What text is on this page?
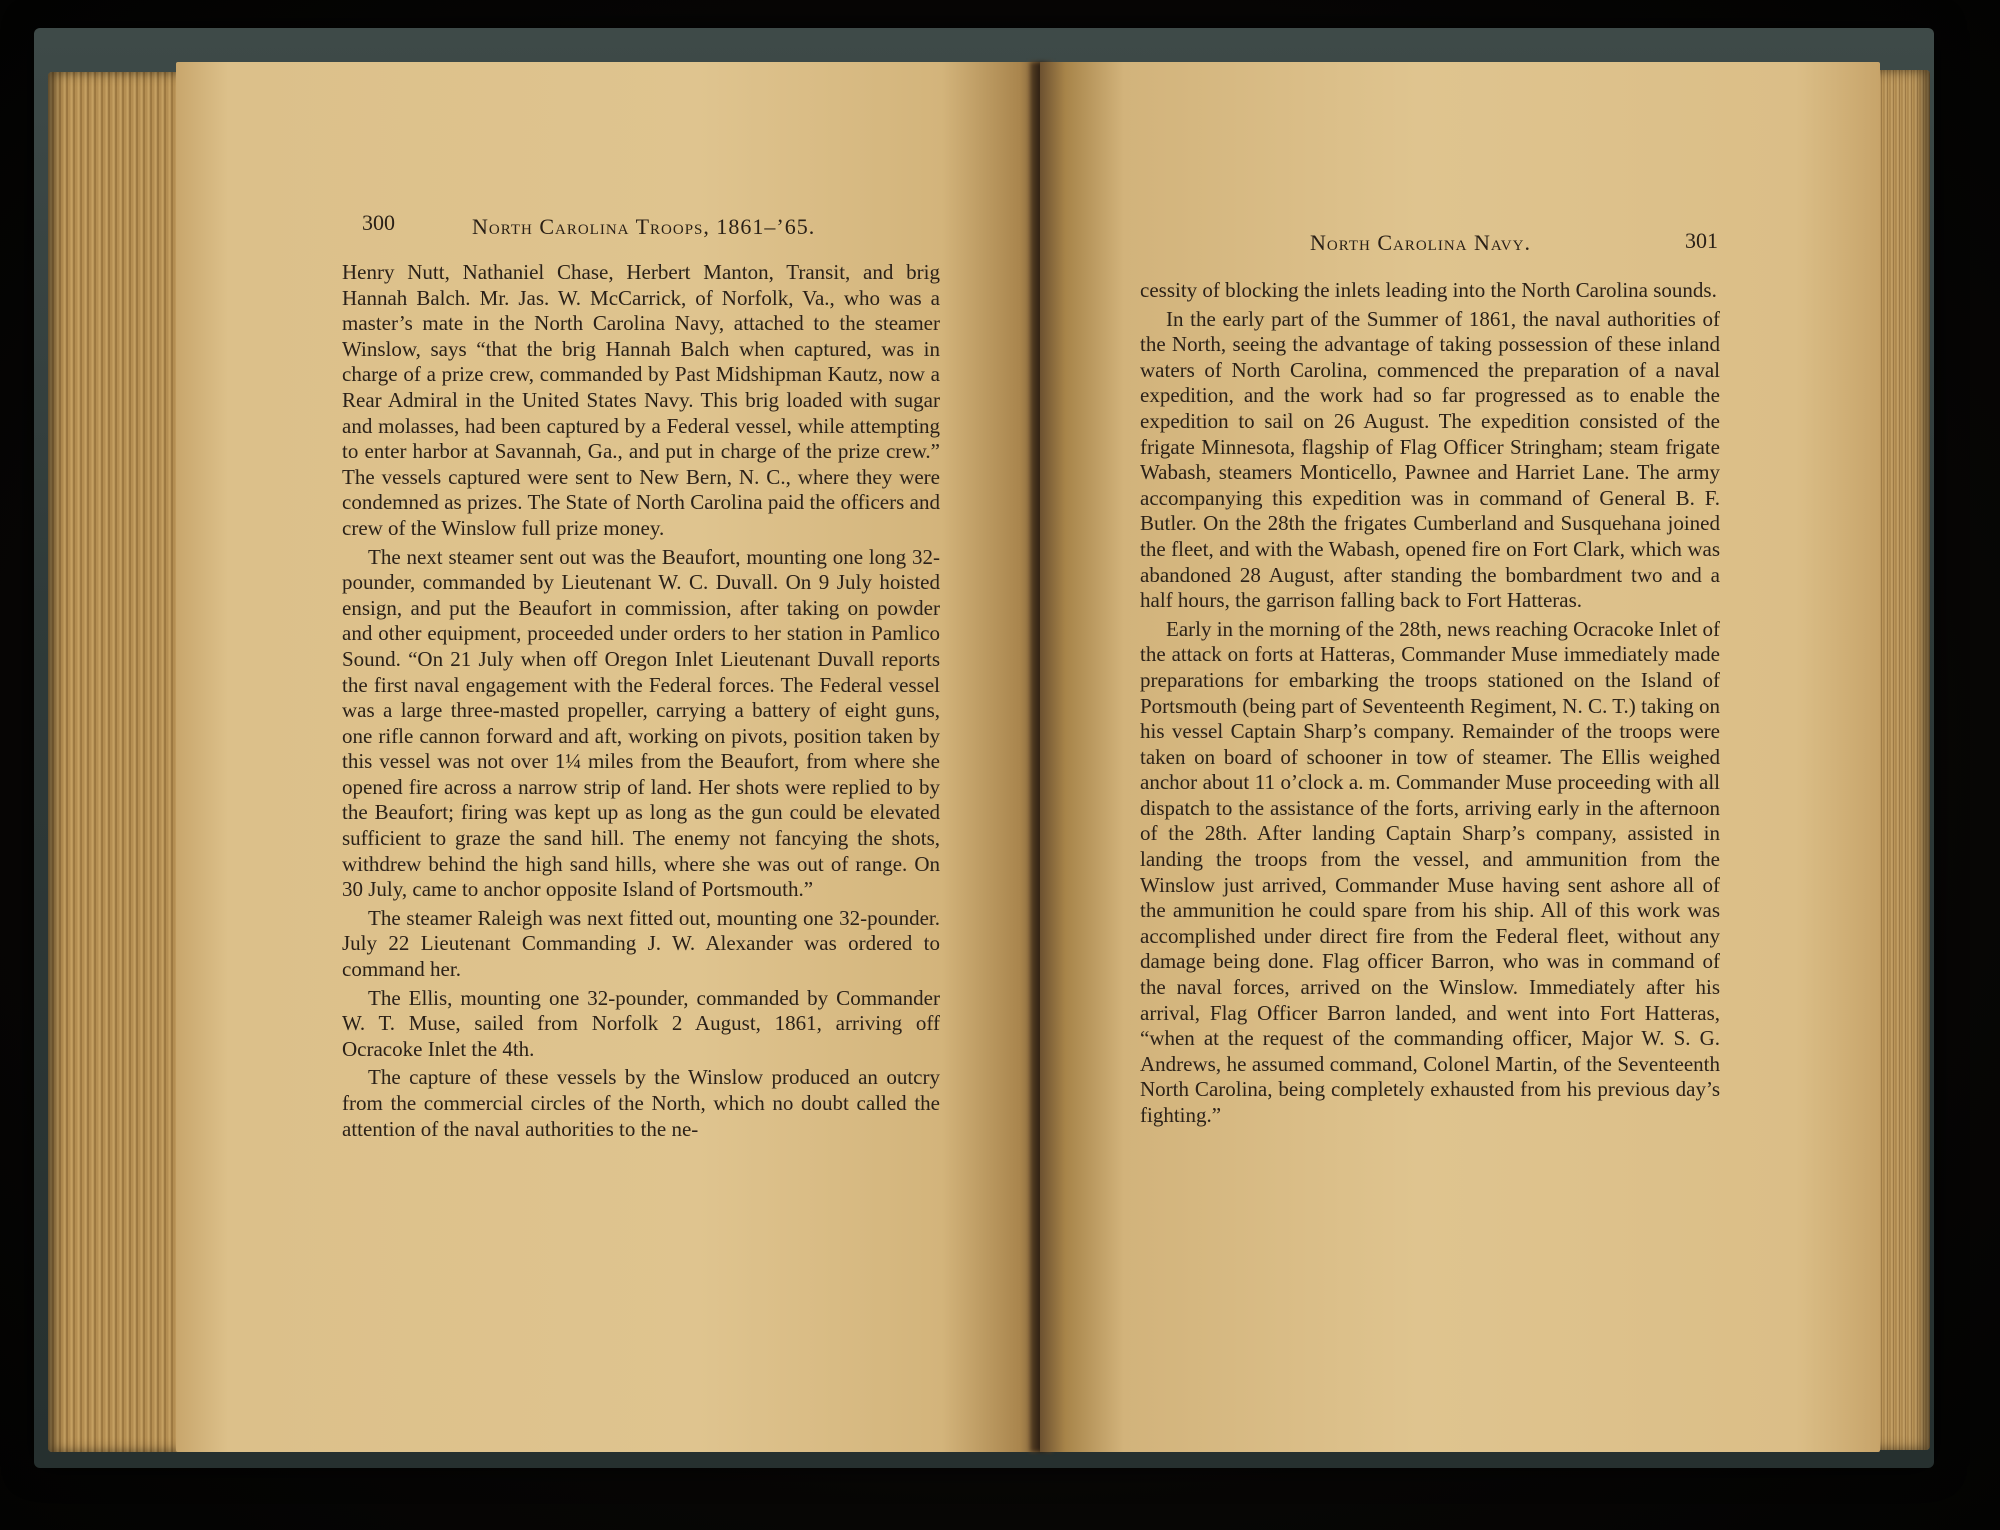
300	North Carolina Troops, 1861–’65.

Henry Nutt, Nathaniel Chase, Herbert Manton, Transit, and brig Hannah Balch. Mr. Jas. W. McCarrick, of Norfolk, Va., who was a master’s mate in the North Carolina Navy, attached to the steamer Winslow, says “that the brig Hannah Balch when captured, was in charge of a prize crew, commanded by Past Midshipman Kautz, now a Rear Admiral in the United States Navy. This brig loaded with sugar and molasses, had been captured by a Federal vessel, while attempting to enter harbor at Savannah, Ga., and put in charge of the prize crew.” The vessels captured were sent to New Bern, N. C., where they were condemned as prizes. The State of North Carolina paid the officers and crew of the Winslow full prize money.

The next steamer sent out was the Beaufort, mounting one long 32-pounder, commanded by Lieutenant W. C. Duvall. On 9 July hoisted ensign, and put the Beaufort in commission, after taking on powder and other equipment, proceeded under orders to her station in Pamlico Sound. “On 21 July when off Oregon Inlet Lieutenant Duvall reports the first naval engagement with the Federal forces. The Federal vessel was a large three-masted propeller, carrying a battery of eight guns, one rifle cannon forward and aft, working on pivots, position taken by this vessel was not over 1¼ miles from the Beaufort, from where she opened fire across a narrow strip of land. Her shots were replied to by the Beaufort; firing was kept up as long as the gun could be elevated sufficient to graze the sand hill. The enemy not fancying the shots, withdrew behind the high sand hills, where she was out of range. On 30 July, came to anchor opposite Island of Portsmouth.”

The steamer Raleigh was next fitted out, mounting one 32-pounder. July 22 Lieutenant Commanding J. W. Alexander was ordered to command her.

The Ellis, mounting one 32-pounder, commanded by Commander W. T. Muse, sailed from Norfolk 2 August, 1861, arriving off Ocracoke Inlet the 4th.

The capture of these vessels by the Winslow produced an outcry from the commercial circles of the North, which no doubt called the attention of the naval authorities to the ne-

North Carolina Navy.	301

cessity of blocking the inlets leading into the North Carolina sounds.

In the early part of the Summer of 1861, the naval authorities of the North, seeing the advantage of taking possession of these inland waters of North Carolina, commenced the preparation of a naval expedition, and the work had so far progressed as to enable the expedition to sail on 26 August. The expedition consisted of the frigate Minnesota, flagship of Flag Officer Stringham; steam frigate Wabash, steamers Monticello, Pawnee and Harriet Lane. The army accompanying this expedition was in command of General B. F. Butler. On the 28th the frigates Cumberland and Susquehana joined the fleet, and with the Wabash, opened fire on Fort Clark, which was abandoned 28 August, after standing the bombardment two and a half hours, the garrison falling back to Fort Hatteras.

Early in the morning of the 28th, news reaching Ocracoke Inlet of the attack on forts at Hatteras, Commander Muse immediately made preparations for embarking the troops stationed on the Island of Portsmouth (being part of Seventeenth Regiment, N. C. T.) taking on his vessel Captain Sharp’s company. Remainder of the troops were taken on board of schooner in tow of steamer. The Ellis weighed anchor about 11 o’clock a. m. Commander Muse proceeding with all dispatch to the assistance of the forts, arriving early in the afternoon of the 28th. After landing Captain Sharp’s company, assisted in landing the troops from the vessel, and ammunition from the Winslow just arrived, Commander Muse having sent ashore all of the ammunition he could spare from his ship. All of this work was accomplished under direct fire from the Federal fleet, without any damage being done. Flag officer Barron, who was in command of the naval forces, arrived on the Winslow. Immediately after his arrival, Flag Officer Barron landed, and went into Fort Hatteras, “when at the request of the commanding officer, Major W. S. G. Andrews, he assumed command, Colonel Martin, of the Seventeenth North Carolina, being completely exhausted from his previous day’s fighting.”
